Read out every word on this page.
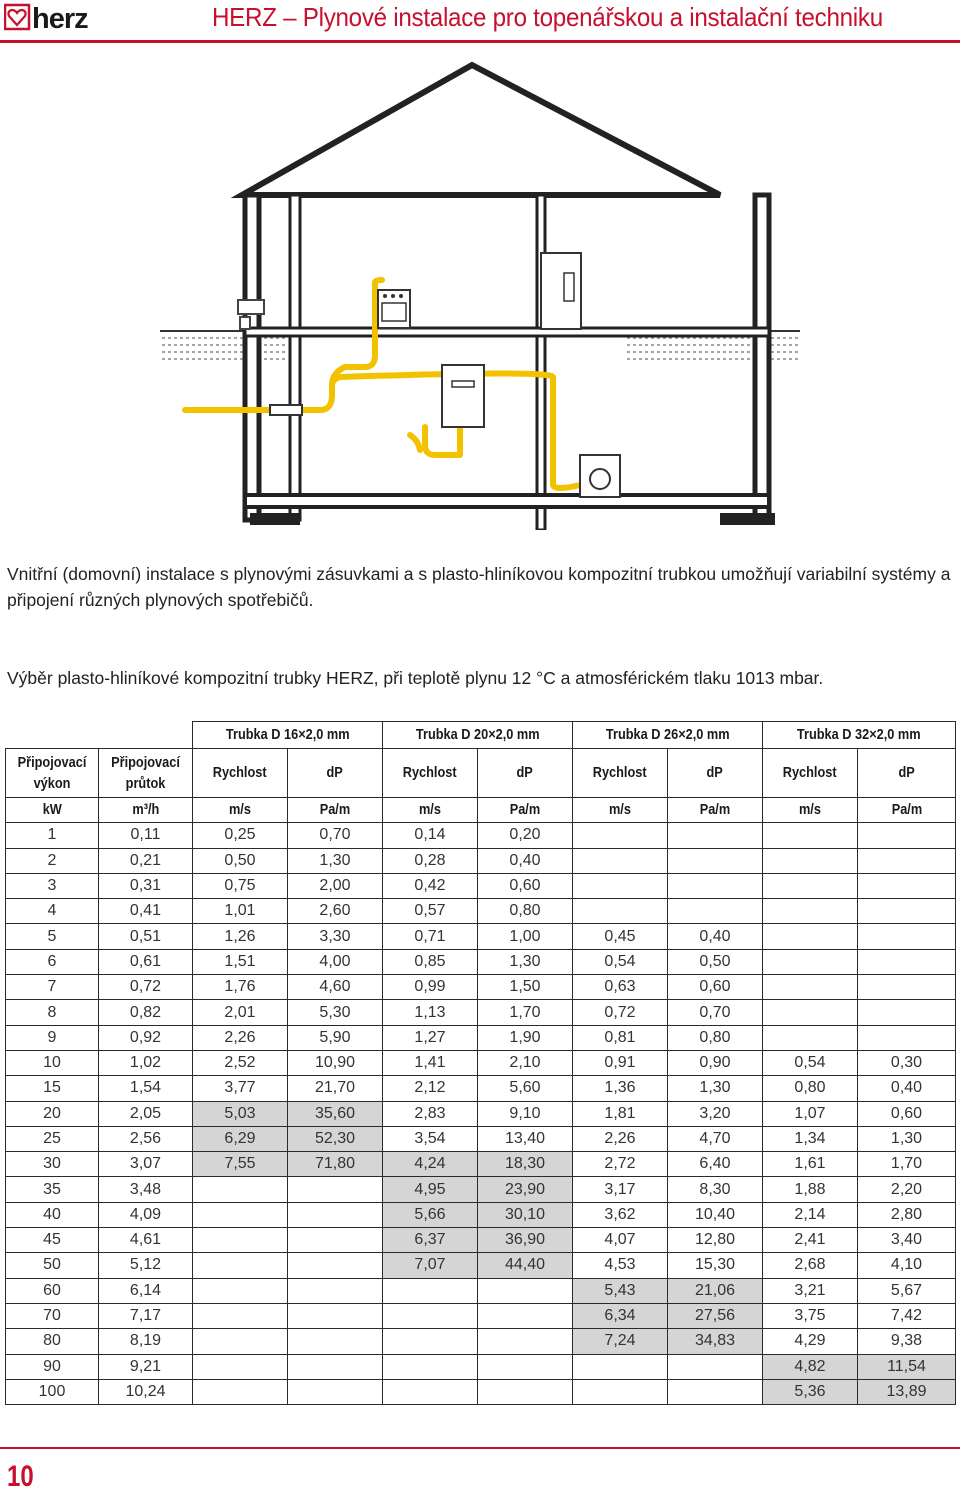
herz	HERZ – Plynové instalace pro topenářskou a instalační techniku
Vnitřní (domovní) instalace s plynovými zásuvkami a s plasto-hliníkovou kompozitní trubkou umožňují variabilní systémy a připojení různých plynových spotřebičů.
Výběr plasto-hliníkové kompozitní trubky HERZ, při teplotě plynu 12 °C a atmosférickém tlaku 1013 mbar.
		Trubka D 16×2,0 mm		Trubka D 20×2,0 mm		Trubka D 26×2,0 mm		Trubka D 32×2,0 mm	
Připojovací výkon	Připojovací průtok	Rychlost	dP	Rychlost	dP	Rychlost	dP	Rychlost	dP
kW	m³/h	m/s	Pa/m	m/s	Pa/m	m/s	Pa/m	m/s	Pa/m
1	0,11	0,25	0,70	0,14	0,20				
2	0,21	0,50	1,30	0,28	0,40				
3	0,31	0,75	2,00	0,42	0,60				
4	0,41	1,01	2,60	0,57	0,80				
5	0,51	1,26	3,30	0,71	1,00	0,45	0,40		
6	0,61	1,51	4,00	0,85	1,30	0,54	0,50		
7	0,72	1,76	4,60	0,99	1,50	0,63	0,60		
8	0,82	2,01	5,30	1,13	1,70	0,72	0,70		
9	0,92	2,26	5,90	1,27	1,90	0,81	0,80		
10	1,02	2,52	10,90	1,41	2,10	0,91	0,90	0,54	0,30
15	1,54	3,77	21,70	2,12	5,60	1,36	1,30	0,80	0,40
20	2,05	5,03	35,60	2,83	9,10	1,81	3,20	1,07	0,60
25	2,56	6,29	52,30	3,54	13,40	2,26	4,70	1,34	1,30
30	3,07	7,55	71,80	4,24	18,30	2,72	6,40	1,61	1,70
35	3,48			4,95	23,90	3,17	8,30	1,88	2,20
40	4,09			5,66	30,10	3,62	10,40	2,14	2,80
45	4,61			6,37	36,90	4,07	12,80	2,41	3,40
50	5,12			7,07	44,40	4,53	15,30	2,68	4,10
60	6,14					5,43	21,06	3,21	5,67
70	7,17					6,34	27,56	3,75	7,42
80	8,19					7,24	34,83	4,29	9,38
90	9,21							4,82	11,54
100	10,24							5,36	13,89
10
